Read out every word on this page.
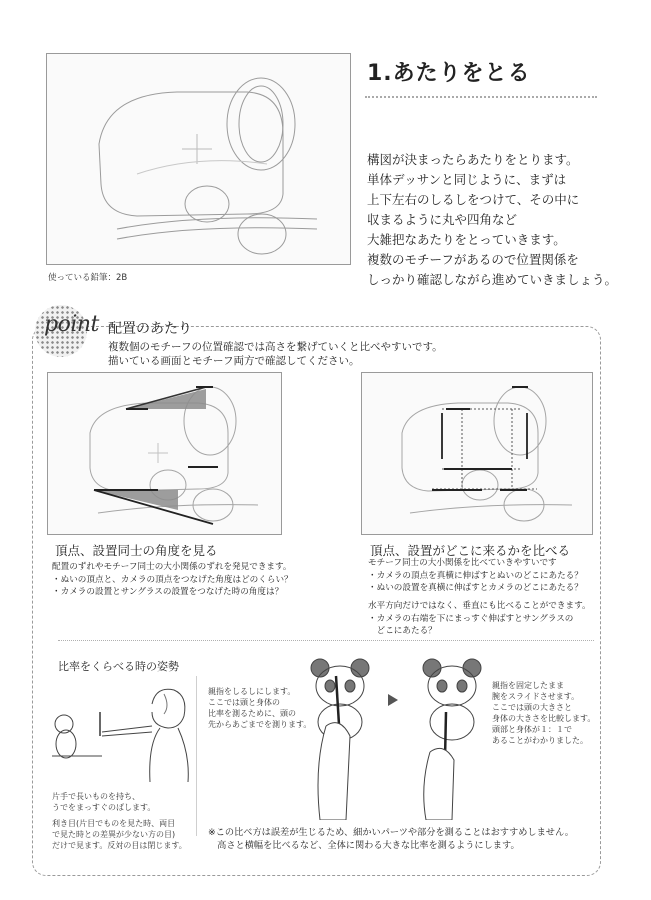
使っている鉛筆：2B
1.あたりをとる
構図が決まったらあたりをとります。
単体デッサンと同じように、まずは
上下左右のしるしをつけて、その中に
収まるように丸や四角など
大雑把なあたりをとっていきます。
複数のモチーフがあるので位置関係を
しっかり確認しながら進めていきましょう。
point 配置のあたり
複数個のモチーフの位置確認では高さを繋げていくと比べやすいです。
描いている画面とモチーフ両方で確認してください。
頂点、設置同士の角度を見る
配置のずれやモチーフ同士の大小関係のずれを発見できます。
・ぬいの頂点と、カメラの頂点をつなげた角度はどのくらい？
・カメラの設置とサングラスの設置をつなげた時の角度は？
頂点、設置がどこに来るかを比べる
モチーフ同士の大小関係を比べていきやすいです
・カメラの頂点を真横に伸ばすとぬいのどこにあたる？
・ぬいの設置を真横に伸ばすとカメラのどこにあたる？
水平方向だけではなく、垂直にも比べることができます。
・カメラの右端を下にまっすぐ伸ばすとサングラスの
　どこにあたる？
比率をくらべる時の姿勢
片手で長いものを持ち、
うでをまっすぐのばします。
利き目(片目でものを見た時、両目
で見た時との差異が少ない方の目)
だけで見ます。反対の目は閉じます。
親指をしるしにします。
ここでは頭と身体の
比率を測るために、頭の
先からあごまでを測ります。
親指を固定したまま
腕をスライドさせます。
ここでは頭の大きさと
身体の大きさを比較します。
頭部と身体が１：１で
あることがわかりました。
※この比べ方は誤差が生じるため、細かいパーツや部分を測ることはおすすめしません。
　高さと横幅を比べるなど、全体に関わる大きな比率を測るようにします。
